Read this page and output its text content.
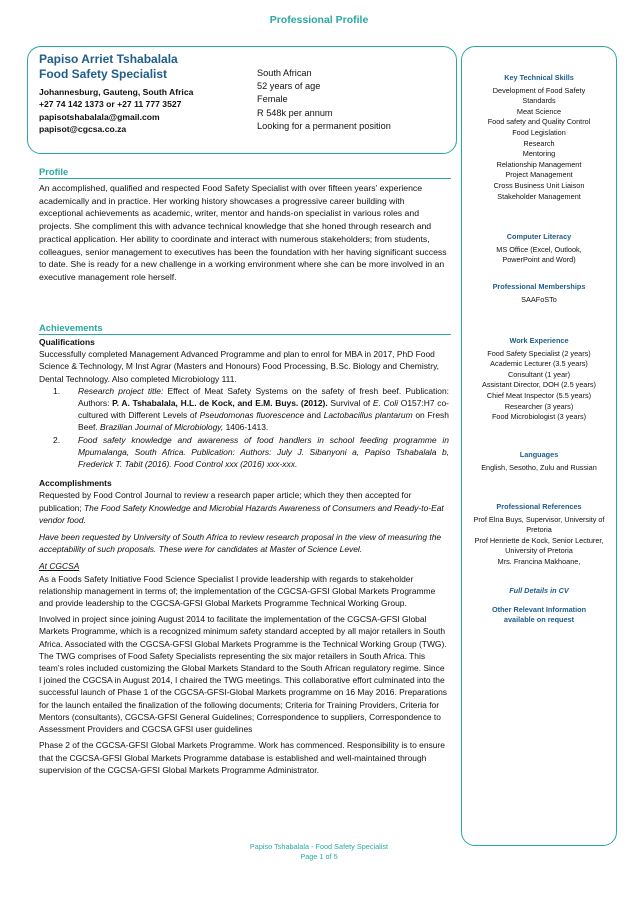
Professional Profile
Papiso Arriet Tshabalala
Food Safety Specialist
Johannesburg, Gauteng, South Africa
+27 74 142 1373 or +27 11 777 3527
papisotshabalala@gmail.com
papisot@cgcsa.co.za
South African
52 years of age
Female
R 548k per annum
Looking for a permanent position
Profile

An accomplished, qualified and respected Food Safety Specialist with over fifteen years’ experience academically and in practice. Her working history showcases a progressive career building with exceptional achievements as academic, writer, mentor and hands-on specialist in various roles and projects. She compliment this with advance technical knowledge that she honed through research and practical application. Her ability to coordinate and interact with numerous stakeholders; from students, colleagues, senior management to executives has been the foundation with her having significant success to date. She is ready for a new challenge in a working environment where she can be more involved in an executive management role herself.

Achievements

Qualifications

Successfully completed Management Advanced Programme and plan to enrol for MBA in 2017, PhD Food Science & Technology, M Inst Agrar (Masters and Honours) Food Processing, B.Sc. Biology and Chemistry, Dental Technology. Also completed Microbiology 111.

1. Research project title: Effect of Meat Safety Systems on the safety of fresh beef. Publication: Authors: P. A. Tshabalala, H.L. de Kock, and E.M. Buys. (2012). Survival of E. Coli O157:H7 co-cultured with Different Levels of Pseudomonas fluorescence and Lactobacillus plantarum on Fresh Beef. Brazilian Journal of Microbiology, 1406-1413.
2. Food safety knowledge and awareness of food handlers in school feeding programme in Mpumalanga, South Africa. Publication: Authors: July J. Sibanyoni a, Papiso Tshabalala b, Frederick T. Tabit (2016). Food Control xxx (2016) xxx-xxx.

Accomplishments

Requested by Food Control Journal to review a research paper article; which they then accepted for publication; The Food Safety Knowledge and Microbial Hazards Awareness of Consumers and Ready-to-Eat vendor food.

Have been requested by University of South Africa to review research proposal in the view of measuring the acceptability of such proposals. These were for candidates at Master of Science Level.

At CGCSA

As a Foods Safety Initiative Food Science Specialist I provide leadership with regards to stakeholder relationship management in terms of; the implementation of the CGCSA-GFSI Global Markets Programme and provide leadership to the CGCSA-GFSI Global Markets Programme Technical Working Group.

Involved in project since joining August 2014 to facilitate the implementation of the CGCSA-GFSI Global Markets Programme, which is a recognized minimum safety standard accepted by all major retailers in South Africa. Associated with the CGCSA-GFSI Global Markets Programme is the Technical Working Group (TWG). The TWG comprises of Food Safety Specialists representing the six major retailers in South Africa. This team’s roles included customizing the Global Markets Standard to the South African regulatory regime. Since I joined the CGCSA in August 2014, I chaired the TWG meetings. This collaborative effort culminated into the successful launch of Phase 1 of the CGCSA-GFSI-Global Markets programme on 16 May 2016. Preparations for the launch entailed the finalization of the following documents; Criteria for Training Providers, Criteria for Mentors (consultants), CGCSA-GFSI General Guidelines; Correspondence to suppliers, Correspondence to Assessment Providers and CGCSA GFSI user guidelines

Phase 2 of the CGCSA-GFSI Global Markets Programme. Work has commenced. Responsibility is to ensure that the CGCSA-GFSI Global Markets Programme database is established and well-maintained through supervision of the CGCSA-GFSI Global Markets Programme Administrator.

Key Technical Skills
Development of Food Safety Standards
Meat Science
Food safety and Quality Control
Food Legislation
Research
Mentoring
Relationship Management
Project Management
Cross Business Unit Liaison
Stakeholder Management
Computer Literacy
MS Office (Excel, Outlook, PowerPoint and Word)
Professional Memberships
SAAFoSTo
Work Experience
Food Safety Specialist (2 years)
Academic Lecturer (3.5 years)
Consultant (1 year)
Assistant Director, DOH (2.5 years)
Chief Meat Inspector (5.5 years)
Researcher (3 years)
Food Microbiologist (3 years)
Languages
English, Sesotho, Zulu and Russian
Professional References
Prof Elna Buys, Supervisor, University of Pretoria
Prof Henriette de Kock, Senior Lecturer, University of Pretoria
Mrs. Francina Makhoane,
Full Details in CV
Other Relevant Information available on request
Papiso Tshabalala - Food Safety Specialist
Page 1 of 5
